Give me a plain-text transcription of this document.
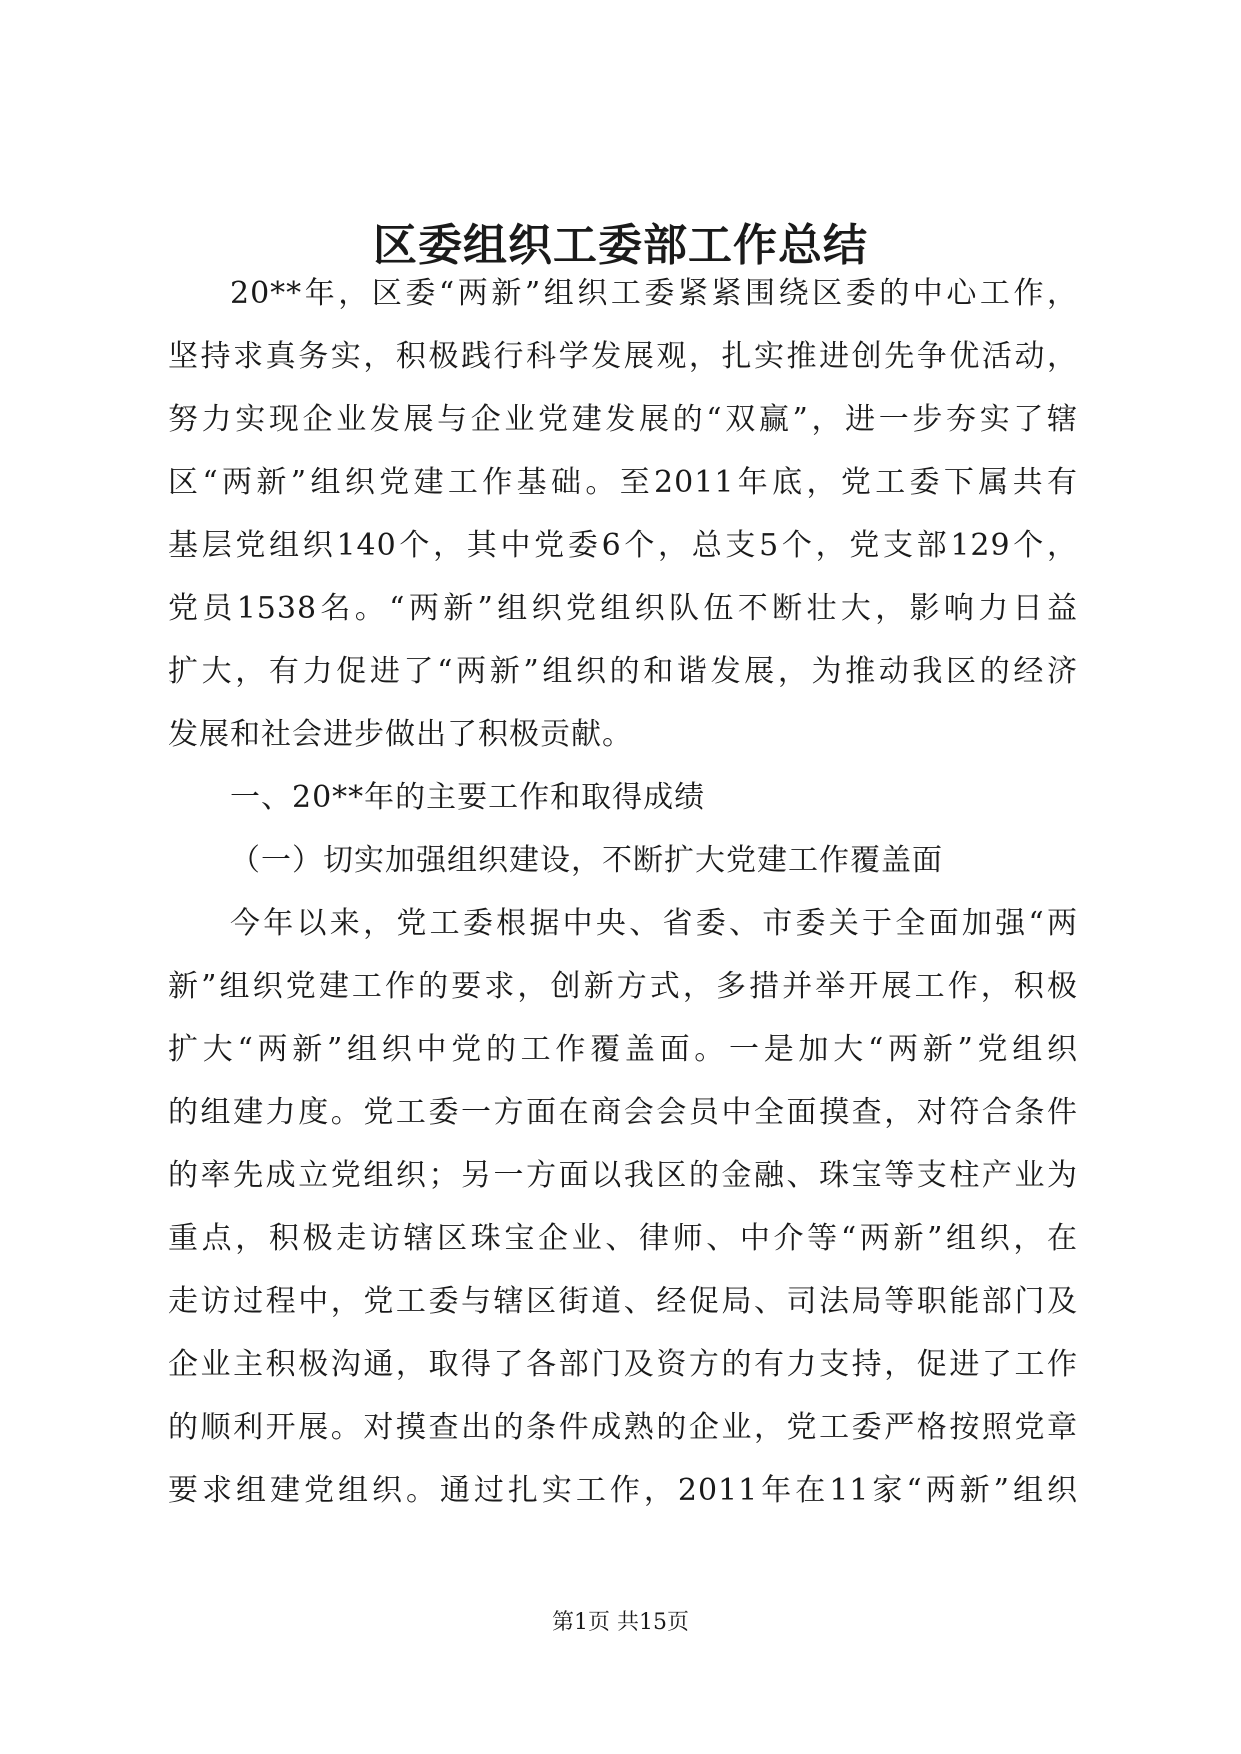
区委组织工委部工作总结
20**年，区委“两新”组织工委紧紧围绕区委的中心工作，
坚持求真务实，积极践行科学发展观，扎实推进创先争优活动，
努力实现企业发展与企业党建发展的“双赢”，进一步夯实了辖
区“两新”组织党建工作基础。至2011年底，党工委下属共有
基层党组织140个，其中党委6个，总支5个，党支部129个，
党员1538名。“两新”组织党组织队伍不断壮大，影响力日益
扩大，有力促进了“两新”组织的和谐发展，为推动我区的经济
发展和社会进步做出了积极贡献。
一、20**年的主要工作和取得成绩
（一）切实加强组织建设，不断扩大党建工作覆盖面
今年以来，党工委根据中央、省委、市委关于全面加强“两
新”组织党建工作的要求，创新方式，多措并举开展工作，积极
扩大“两新”组织中党的工作覆盖面。一是加大“两新”党组织
的组建力度。党工委一方面在商会会员中全面摸查，对符合条件
的率先成立党组织；另一方面以我区的金融、珠宝等支柱产业为
重点，积极走访辖区珠宝企业、律师、中介等“两新”组织，在
走访过程中，党工委与辖区街道、经促局、司法局等职能部门及
企业主积极沟通，取得了各部门及资方的有力支持，促进了工作
的顺利开展。对摸查出的条件成熟的企业，党工委严格按照党章
要求组建党组织。通过扎实工作，2011年在11家“两新”组织
第1页 共15页
